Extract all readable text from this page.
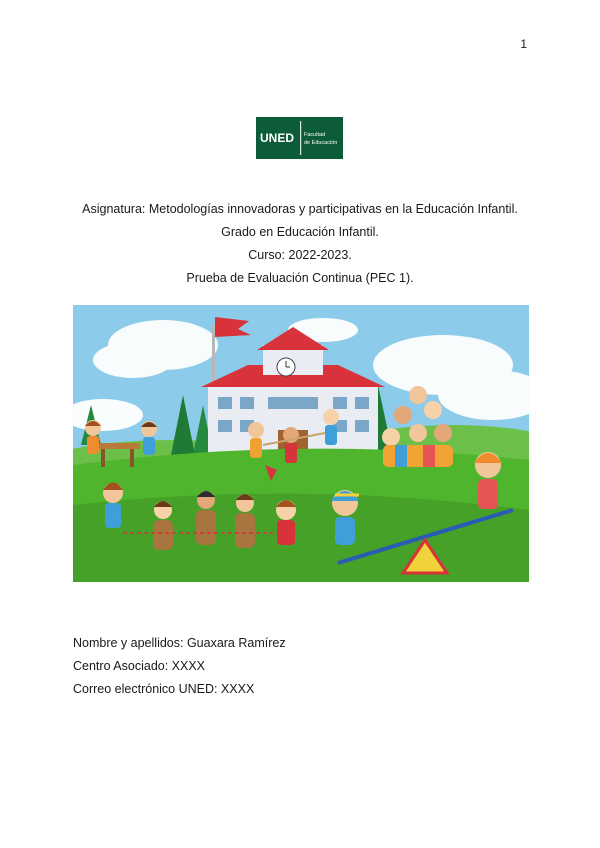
1
UNED Facultad
de Educación
Asignatura: Metodologías innovadoras y participativas en la Educación Infantil.
Grado en Educación Infantil.
Curso: 2022-2023.
Prueba de Evaluación Continua (PEC 1).
Nombre y apellidos: Guaxara Ramírez
Centro Asociado: XXXX
Correo electrónico UNED: XXXX
